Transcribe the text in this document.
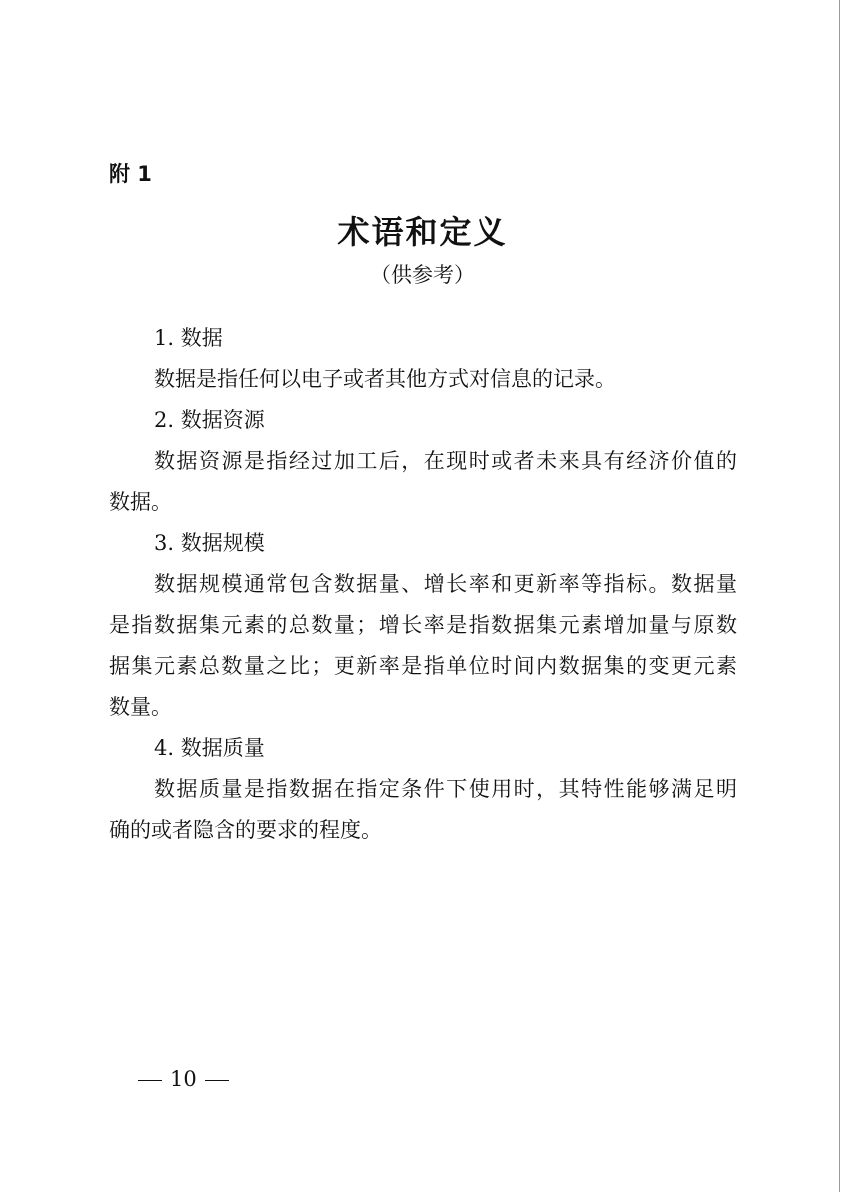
附 1
术语和定义
（供参考）
1. 数据
数据是指任何以电子或者其他方式对信息的记录。
2. 数据资源
数据资源是指经过加工后，在现时或者未来具有经济价值的
数据。
3. 数据规模
数据规模通常包含数据量、增长率和更新率等指标。数据量
是指数据集元素的总数量；增长率是指数据集元素增加量与原数
据集元素总数量之比；更新率是指单位时间内数据集的变更元素
数量。
4. 数据质量
数据质量是指数据在指定条件下使用时，其特性能够满足明
确的或者隐含的要求的程度。
10
